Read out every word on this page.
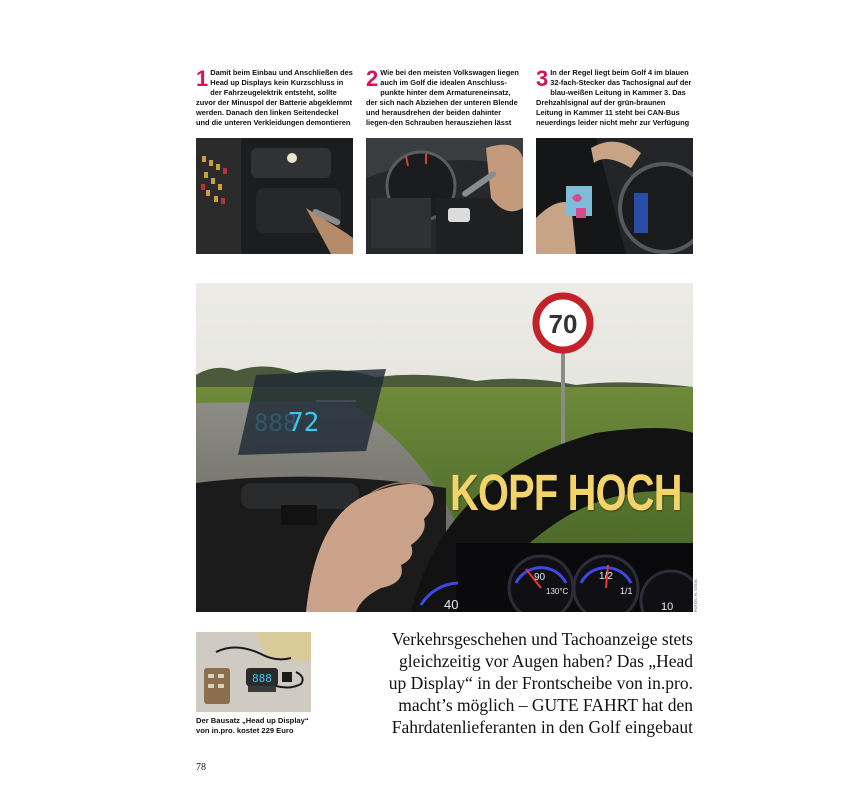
1 Damit beim Einbau und Anschließen des Head up Displays kein Kurzschluss in der Fahrzeugelektrik entsteht, sollte zuvor der Minuspol der Batterie abgeklemmt werden. Danach den linken Seitendeckel und die unteren Verkleidungen demontieren
2 Wie bei den meisten Volkswagen liegen auch im Golf die idealen Anschluss-punkte hinter dem Armatureneinsatz, der sich nach Abziehen der unteren Blende und herausdrehen der beiden dahinter liegen-den Schrauben herausziehen lässt
3 In der Regel liegt beim Golf 4 im blauen 32-fach-Stecker das Tachosignal auf der blau-weißen Leitung in Kammer 3. Das Drehzahlsignal auf der grün-braunen Leitung in Kammer 11 steht bei CAN-Bus neuerdings leider nicht mehr zur Verfügung
70
888
72
40
90
130°C
1/2
1/1
10
KOPF HOCH
FOTOS: H. STEIN
888
Der Bausatz „Head up Display“ von in.pro. kostet 229 Euro
Verkehrsgeschehen und Tachoanzeige stets
gleichzeitig vor Augen haben? Das „Head
up Display“ in der Frontscheibe von in.pro.
macht’s möglich – GUTE FAHRT hat den
Fahrdatenlieferanten in den Golf eingebaut
78
